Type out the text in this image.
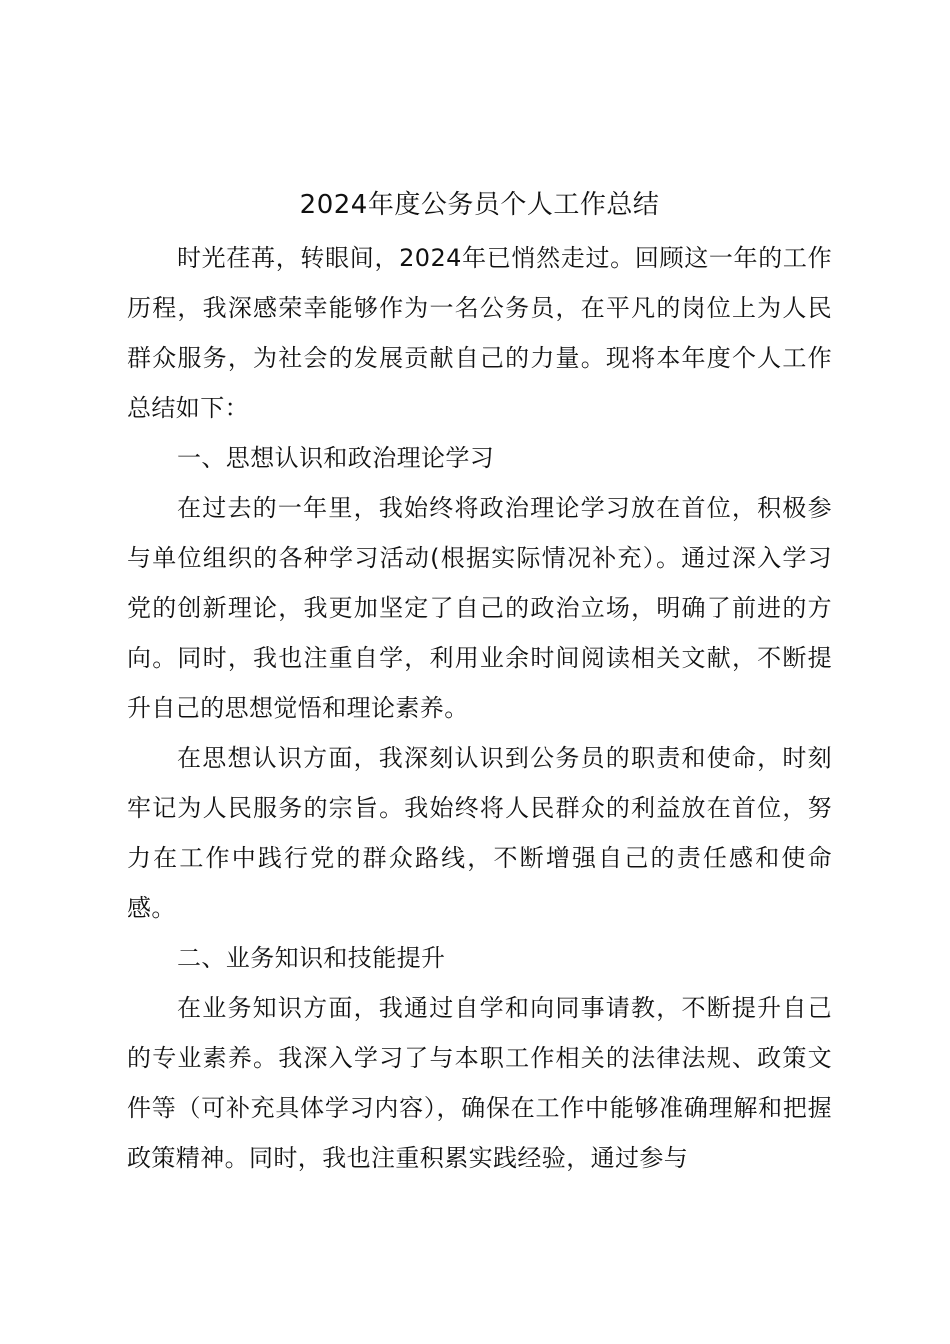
2024年度公务员个人工作总结

时光荏苒，转眼间，2024年已悄然走过。回顾这一年的工作历程，我深感荣幸能够作为一名公务员，在平凡的岗位上为人民群众服务，为社会的发展贡献自己的力量。现将本年度个人工作总结如下：

一、思想认识和政治理论学习

在过去的一年里，我始终将政治理论学习放在首位，积极参与单位组织的各种学习活动(根据实际情况补充）。通过深入学习党的创新理论，我更加坚定了自己的政治立场，明确了前进的方向。同时，我也注重自学，利用业余时间阅读相关文献，不断提升自己的思想觉悟和理论素养。

在思想认识方面，我深刻认识到公务员的职责和使命，时刻牢记为人民服务的宗旨。我始终将人民群众的利益放在首位，努力在工作中践行党的群众路线，不断增强自己的责任感和使命感。

二、业务知识和技能提升

在业务知识方面，我通过自学和向同事请教，不断提升自己的专业素养。我深入学习了与本职工作相关的法律法规、政策文件等（可补充具体学习内容），确保在工作中能够准确理解和把握政策精神。同时，我也注重积累实践经验，通过参与
